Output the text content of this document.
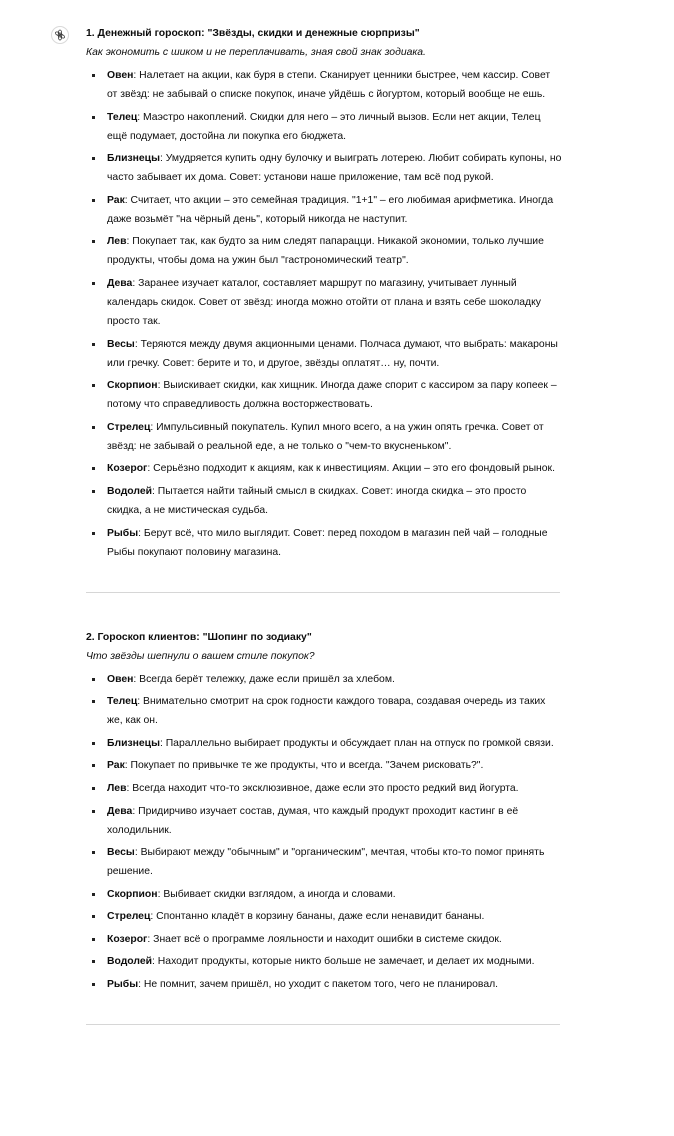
1. Денежный гороскоп: "Звёзды, скидки и денежные сюрпризы"
Как экономить с шиком и не переплачивать, зная свой знак зодиака.
Овен: Налетает на акции, как буря в степи. Сканирует ценники быстрее, чем кассир. Совет от звёзд: не забывай о списке покупок, иначе уйдёшь с йогуртом, который вообще не ешь.
Телец: Маэстро накоплений. Скидки для него – это личный вызов. Если нет акции, Телец ещё подумает, достойна ли покупка его бюджета.
Близнецы: Умудряется купить одну булочку и выиграть лотерею. Любит собирать купоны, но часто забывает их дома. Совет: установи наше приложение, там всё под рукой.
Рак: Считает, что акции – это семейная традиция. "1+1" – его любимая арифметика. Иногда даже возьмёт "на чёрный день", который никогда не наступит.
Лев: Покупает так, как будто за ним следят папарацци. Никакой экономии, только лучшие продукты, чтобы дома на ужин был "гастрономический театр".
Дева: Заранее изучает каталог, составляет маршрут по магазину, учитывает лунный календарь скидок. Совет от звёзд: иногда можно отойти от плана и взять себе шоколадку просто так.
Весы: Теряются между двумя акционными ценами. Полчаса думают, что выбрать: макароны или гречку. Совет: берите и то, и другое, звёзды оплатят… ну, почти.
Скорпион: Выискивает скидки, как хищник. Иногда даже спорит с кассиром за пару копеек – потому что справедливость должна восторжествовать.
Стрелец: Импульсивный покупатель. Купил много всего, а на ужин опять гречка. Совет от звёзд: не забывай о реальной еде, а не только о "чем-то вкусненьком".
Козерог: Серьёзно подходит к акциям, как к инвестициям. Акции – это его фондовый рынок.
Водолей: Пытается найти тайный смысл в скидках. Совет: иногда скидка – это просто скидка, а не мистическая судьба.
Рыбы: Берут всё, что мило выглядит. Совет: перед походом в магазин пей чай – голодные Рыбы покупают половину магазина.
2. Гороскоп клиентов: "Шопинг по зодиаку"
Что звёзды шепнули о вашем стиле покупок?
Овен: Всегда берёт тележку, даже если пришёл за хлебом.
Телец: Внимательно смотрит на срок годности каждого товара, создавая очередь из таких же, как он.
Близнецы: Параллельно выбирает продукты и обсуждает план на отпуск по громкой связи.
Рак: Покупает по привычке те же продукты, что и всегда. "Зачем рисковать?".
Лев: Всегда находит что-то эксклюзивное, даже если это просто редкий вид йогурта.
Дева: Придирчиво изучает состав, думая, что каждый продукт проходит кастинг в её холодильник.
Весы: Выбирают между "обычным" и "органическим", мечтая, чтобы кто-то помог принять решение.
Скорпион: Выбивает скидки взглядом, а иногда и словами.
Стрелец: Спонтанно кладёт в корзину бананы, даже если ненавидит бананы.
Козерог: Знает всё о программе лояльности и находит ошибки в системе скидок.
Водолей: Находит продукты, которые никто больше не замечает, и делает их модными.
Рыбы: Не помнит, зачем пришёл, но уходит с пакетом того, чего не планировал.
